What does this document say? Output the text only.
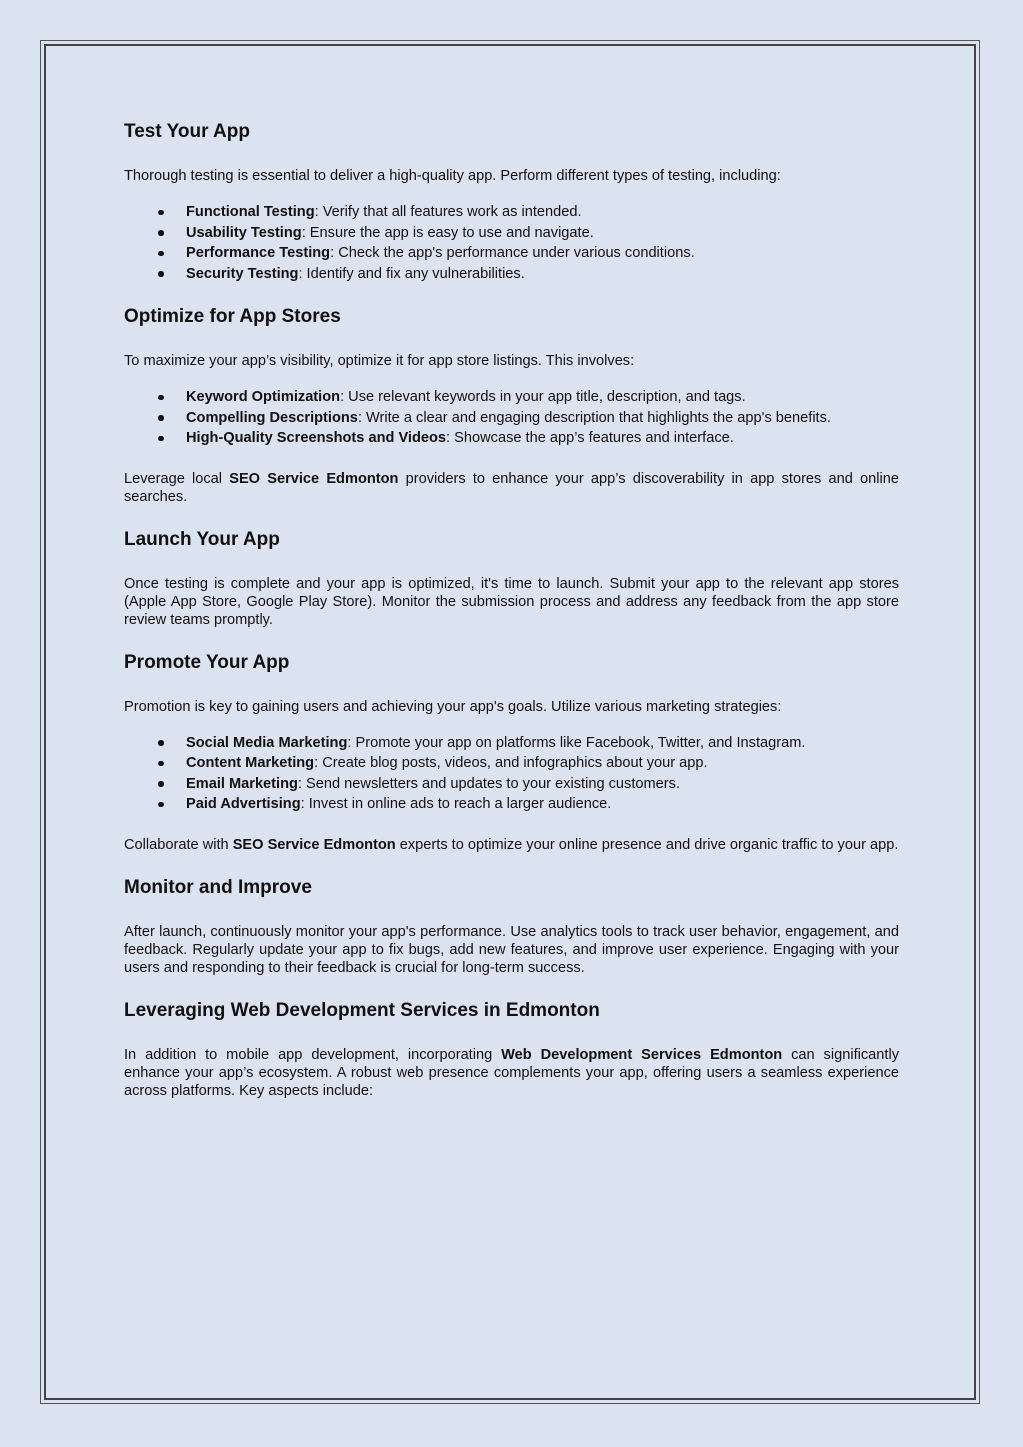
Test Your App

Thorough testing is essential to deliver a high-quality app. Perform different types of testing, including:

Functional Testing: Verify that all features work as intended.
Usability Testing: Ensure the app is easy to use and navigate.
Performance Testing: Check the app's performance under various conditions.
Security Testing: Identify and fix any vulnerabilities.
Optimize for App Stores

To maximize your app’s visibility, optimize it for app store listings. This involves:

Keyword Optimization: Use relevant keywords in your app title, description, and tags.
Compelling Descriptions: Write a clear and engaging description that highlights the app's benefits.
High-Quality Screenshots and Videos: Showcase the app’s features and interface.

Leverage local SEO Service Edmonton providers to enhance your app’s discoverability in app stores and online searches.

Launch Your App

Once testing is complete and your app is optimized, it's time to launch. Submit your app to the relevant app stores (Apple App Store, Google Play Store). Monitor the submission process and address any feedback from the app store review teams promptly.

Promote Your App

Promotion is key to gaining users and achieving your app's goals. Utilize various marketing strategies:

Social Media Marketing: Promote your app on platforms like Facebook, Twitter, and Instagram.
Content Marketing: Create blog posts, videos, and infographics about your app.
Email Marketing: Send newsletters and updates to your existing customers.
Paid Advertising: Invest in online ads to reach a larger audience.

Collaborate with SEO Service Edmonton experts to optimize your online presence and drive organic traffic to your app.

Monitor and Improve

After launch, continuously monitor your app's performance. Use analytics tools to track user behavior, engagement, and feedback. Regularly update your app to fix bugs, add new features, and improve user experience. Engaging with your users and responding to their feedback is crucial for long-term success.

Leveraging Web Development Services in Edmonton

In addition to mobile app development, incorporating Web Development Services Edmonton can significantly enhance your app’s ecosystem. A robust web presence complements your app, offering users a seamless experience across platforms. Key aspects include:
